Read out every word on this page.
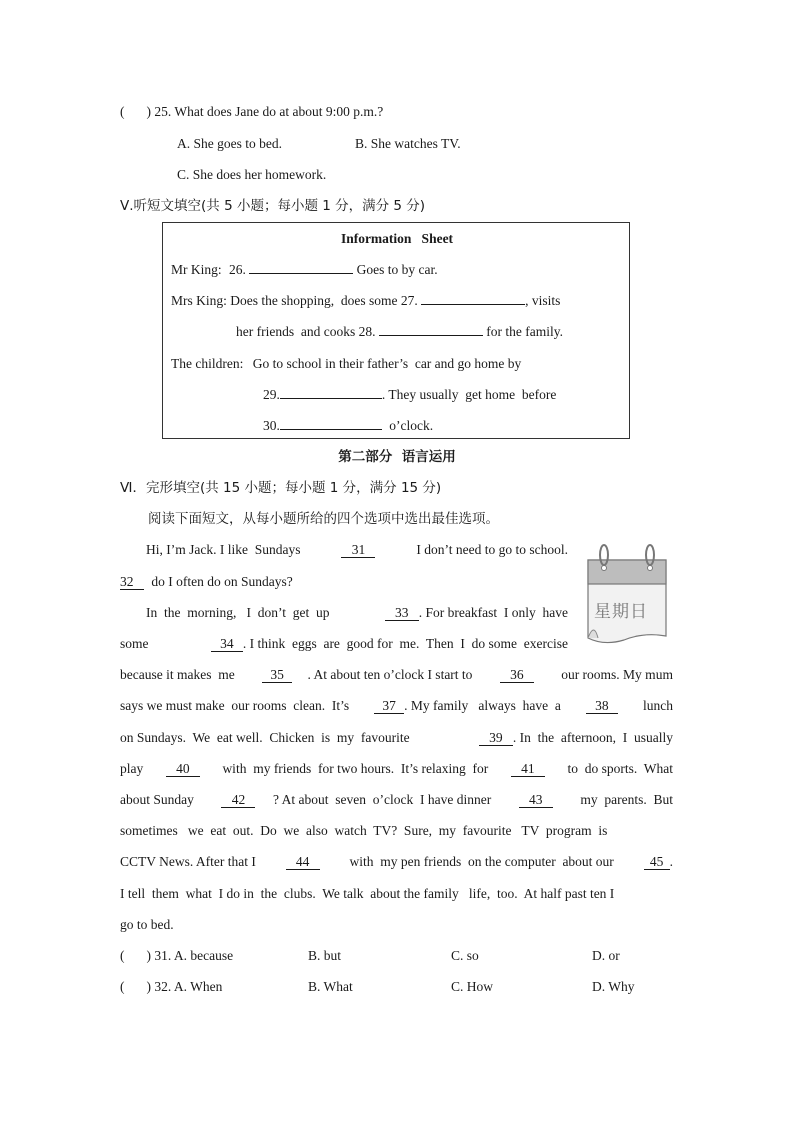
( ) 25. What does Jane do at about 9:00 p.m.?
A. She goes to bed.	B. She watches TV.
C. She does her homework.
Ⅴ.听短文填空(共 5 小题；每小题 1 分，满分 5 分)
Information   Sheet
Mr King: 26.	Goes to by car.
Mrs King: Does the shopping,  does some 27.	, visits
her friends  and cooks 28.	for the family.
The children: Go to school in their father’s  car and go home by
29.	. They usually  get home  before
30.	o’clock.
第二部分  语言运用
Ⅵ．完形填空(共 15 小题；每小题 1 分，满分 15 分)
阅读下面短文，从每小题所给的四个选项中选出最佳选项。
星期日
Hi, I’m Jack. I like  Sundays	31	I don’t need to go to school.
32 do I often do on Sundays?
In  the  morning,   I  don’t  get  up	33 . For breakfast  I only  have
some	34 . I think  eggs  are  good for  me.  Then  I  do some  exercise
because it makes  me	35	. At about ten o’clock I start to	36	our rooms. My mum
says we must make  our rooms  clean.  It’s	37 . My family   always  have  a	38	lunch
on Sundays.  We  eat well.  Chicken  is  my  favourite	39 . In  the  afternoon,  I  usually
play	40	with  my friends  for two hours.  It’s relaxing  for	41	to  do sports.  What
about Sunday	42	? At about  seven  o’clock  I have dinner	43	my  parents.  But
sometimes   we  eat  out.  Do  we  also  watch  TV?  Sure,  my  favourite   TV  program  is
CCTV News. After that I	44	with  my pen friends  on the computer  about our	45 .
I tell  them  what  I do in  the  clubs.  We talk  about the family   life,  too.  At half past ten I
go to bed.
( ) 31. A. because	B. but	C. so	D. or
( ) 32. A. When	B. What	C. How	D. Why
